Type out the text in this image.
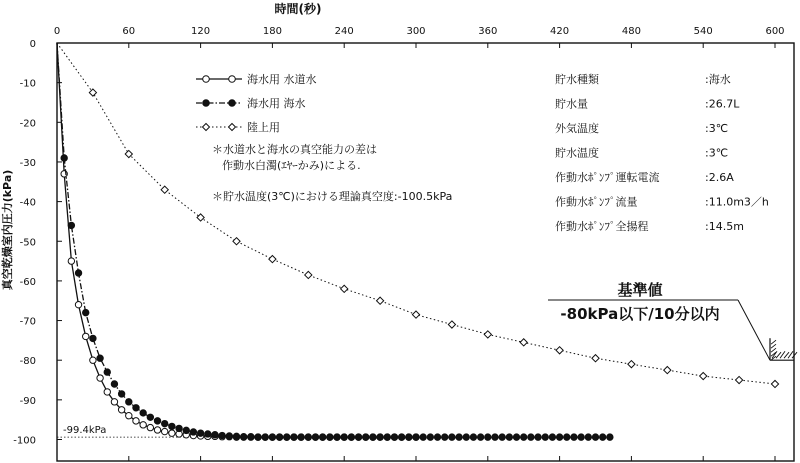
時間(秒)
真空乾燥室内圧力(kPa)
0	60	120	180	240	300	360	420	480	540	600
0
-10
-20
-30
-40
-50
-60
-70
-80
-90
-100
基準値
-80kPa以下/10分以内
-99.4kPa
海水用 水道水
海水用 海水
陸上用
＊水道水と海水の真空能力の差は
作動水白濁(ｴﾔｰかみ)による.
＊貯水温度(3℃)における理論真空度:-100.5kPa
貯水種類	:海水
貯水量	:26.7L
外気温度	:3℃
貯水温度	:3℃
作動水ﾎﾟﾝﾌﾟ運転電流	:2.6A
作動水ﾎﾟﾝﾌﾟ流量	:11.0m3／h
作動水ﾎﾟﾝﾌﾟ全揚程	:14.5m
